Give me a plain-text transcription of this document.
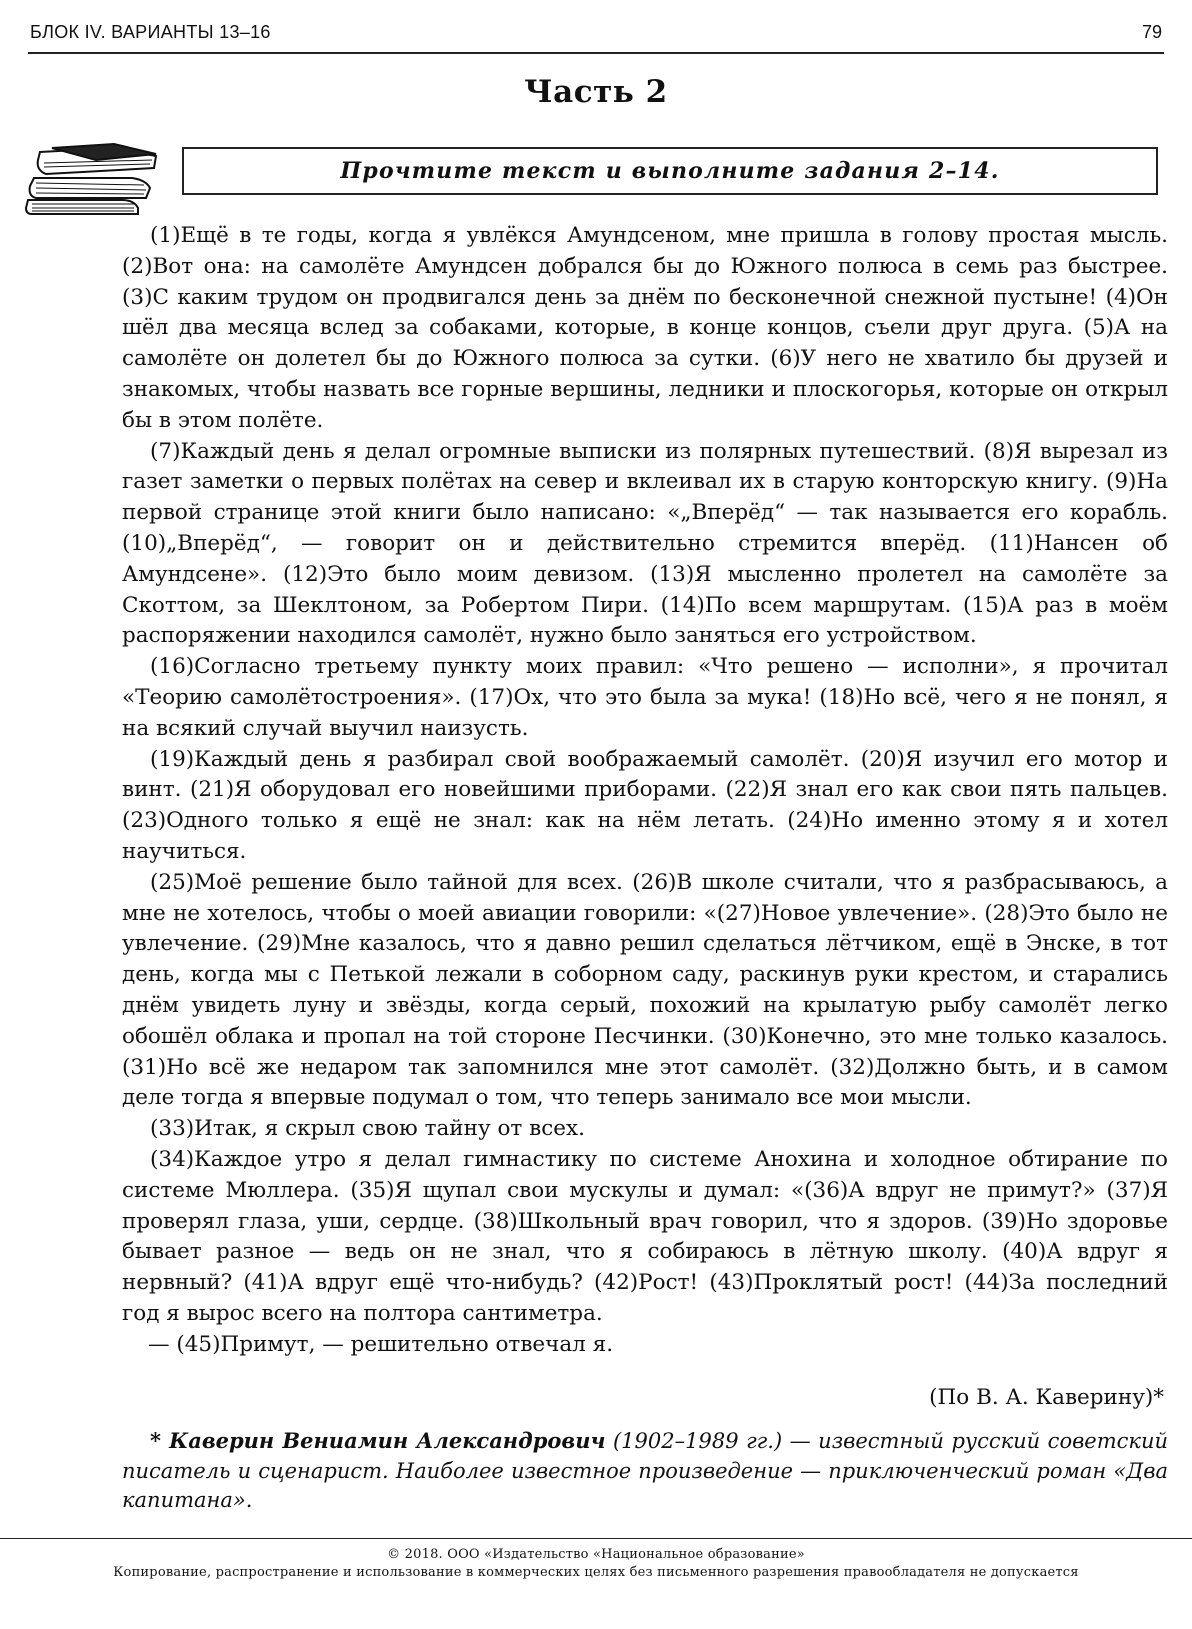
БЛОК IV. ВАРИАНТЫ 13–16	79
Часть 2
Прочтите текст и выполните задания 2–14.

(1)Ещё в те годы, когда я увлёкся Амундсеном, мне пришла в голову простая мысль. (2)Вот она: на самолёте Амундсен добрался бы до Южного полюса в семь раз быстрее. (3)С каким трудом он продвигался день за днём по бесконечной снежной пустыне! (4)Он шёл два месяца вслед за собаками, которые, в конце концов, съели друг друга. (5)А на самолёте он долетел бы до Южного полюса за сутки. (6)У него не хватило бы друзей и знакомых, чтобы назвать все горные вершины, ледники и плоскогорья, которые он открыл бы в этом полёте.

(7)Каждый день я делал огромные выписки из полярных путешествий. (8)Я вырезал из газет заметки о первых полётах на север и вклеивал их в старую конторскую книгу. (9)На первой странице этой книги было написано: «„Вперёд“ — так называется его корабль. (10)„Вперёд“, — говорит он и действительно стремится вперёд. (11)Нансен об Амундсене». (12)Это было моим девизом. (13)Я мысленно пролетел на самолёте за Скоттом, за Шеклтоном, за Робертом Пири. (14)По всем маршрутам. (15)А раз в моём распоряжении находился самолёт, нужно было заняться его устройством.

(16)Согласно третьему пункту моих правил: «Что решено — исполни», я прочитал «Теорию самолётостроения». (17)Ох, что это была за мука! (18)Но всё, чего я не понял, я на всякий случай выучил наизусть.

(19)Каждый день я разбирал свой воображаемый самолёт. (20)Я изучил его мотор и винт. (21)Я оборудовал его новейшими приборами. (22)Я знал его как свои пять пальцев. (23)Одного только я ещё не знал: как на нём летать. (24)Но именно этому я и хотел научиться.

(25)Моё решение было тайной для всех. (26)В школе считали, что я разбрасываюсь, а мне не хотелось, чтобы о моей авиации говорили: «(27)Новое увлечение». (28)Это было не увлечение. (29)Мне казалось, что я давно решил сделаться лётчиком, ещё в Энске, в тот день, когда мы с Петькой лежали в соборном саду, раскинув руки крестом, и старались днём увидеть луну и звёзды, когда серый, похожий на крылатую рыбу самолёт легко обошёл облака и пропал на той стороне Песчинки. (30)Конечно, это мне только казалось. (31)Но всё же недаром так запомнился мне этот самолёт. (32)Должно быть, и в самом деле тогда я впервые подумал о том, что теперь занимало все мои мысли.

(33)Итак, я скрыл свою тайну от всех.

(34)Каждое утро я делал гимнастику по системе Анохина и холодное обтирание по системе Мюллера. (35)Я щупал свои мускулы и думал: «(36)А вдруг не примут?» (37)Я проверял глаза, уши, сердце. (38)Школьный врач говорил, что я здоров. (39)Но здоровье бывает разное — ведь он не знал, что я собираюсь в лётную школу. (40)А вдруг я нервный? (41)А вдруг ещё что-нибудь? (42)Рост! (43)Проклятый рост! (44)За последний год я вырос всего на полтора сантиметра.

— (45)Примут, — решительно отвечал я.

(По В. А. Каверину)*
* Каверин Вениамин Александрович (1902–1989 гг.) — известный русский советский писатель и сценарист. Наиболее известное произведение — приключенческий роман «Два капитана».
© 2018. ООО «Издательство «Национальное образование»
Копирование, распространение и использование в коммерческих целях без письменного разрешения правообладателя не допускается
